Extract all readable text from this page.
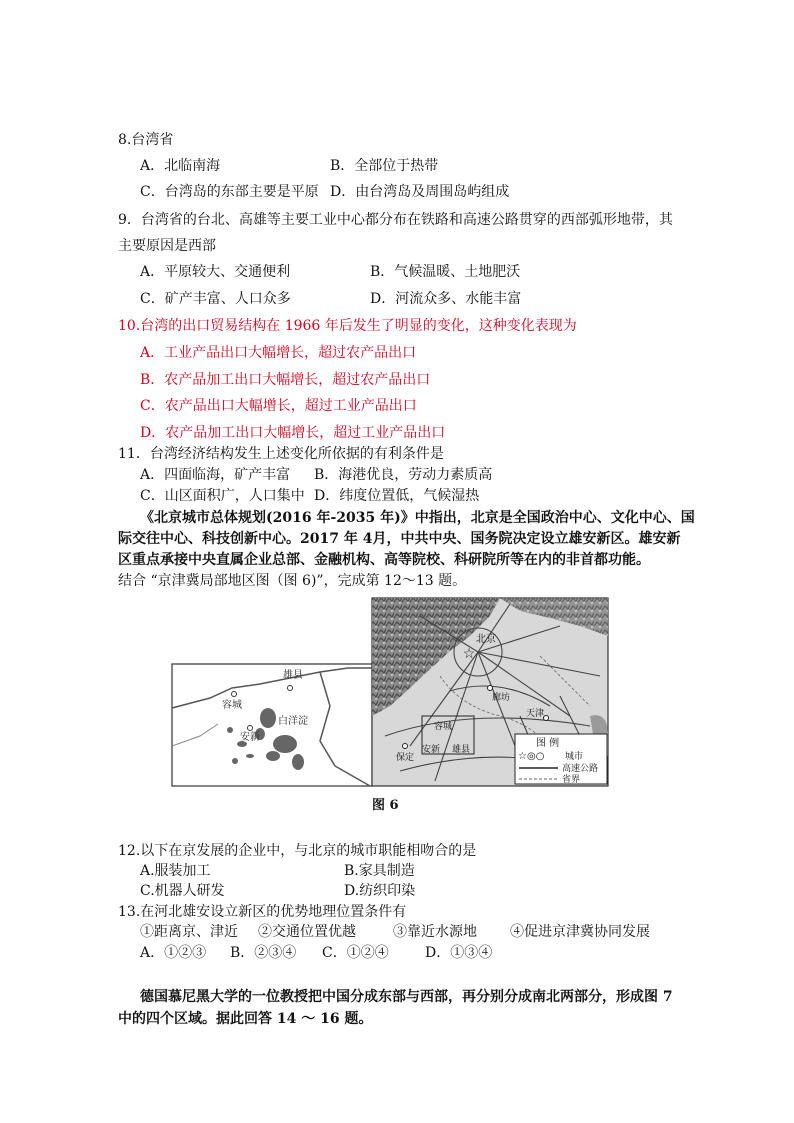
8.台湾省
A．北临南海	B．全部位于热带
C．台湾岛的东部主要是平原 D．由台湾岛及周围岛屿组成
9．台湾省的台北、高雄等主要工业中心都分布在铁路和高速公路贯穿的西部弧形地带，其
主要原因是西部
A．平原较大、交通便利	B．气候温暖、土地肥沃
C．矿产丰富、人口众多	D．河流众多、水能丰富
10.台湾的出口贸易结构在 1966 年后发生了明显的变化，这种变化表现为
A．工业产品出口大幅增长，超过农产品出口
B．农产品加工出口大幅增长，超过农产品出口
C．农产品出口大幅增长，超过工业产品出口
D．农产品加工出口大幅增长，超过工业产品出口
11．台湾经济结构发生上述变化所依据的有利条件是
A．四面临海，矿产丰富 B．海港优良，劳动力素质高
C．山区面积广，人口集中 D．纬度位置低，气候湿热
《北京城市总体规划(2016 年-2035 年)》中指出，北京是全国政治中心、文化中心、国
际交往中心、科技创新中心。2017 年 4月，中共中央、国务院决定设立雄安新区。雄安新
区重点承接中央直属企业总部、金融机构、高等院校、科研院所等在内的非首都功能。
结合 “京津冀局部地区图（图 6)”，完成第 12～13 题。
容城
雄县
白洋淀
安新
☆
北京
廊坊
天津
保定
容城
安新 雄县
图 例
☆◎○ 城市
高速公路
省界
图 6
12.以下在京发展的企业中，与北京的城市职能相吻合的是
A.服装加工	B.家具制造
C.机器人研发	D.纺织印染
13.在河北雄安设立新区的优势地理位置条件有
①距离京、津近 ②交通位置优越	③靠近水源地 ④促进京津冀协同发展
A．①②③ B．②③④ C．①②④	D．①③④
德国慕尼黑大学的一位教授把中国分成东部与西部，再分别分成南北两部分，形成图 7
中的四个区域。据此回答 14 ～ 16 题。
